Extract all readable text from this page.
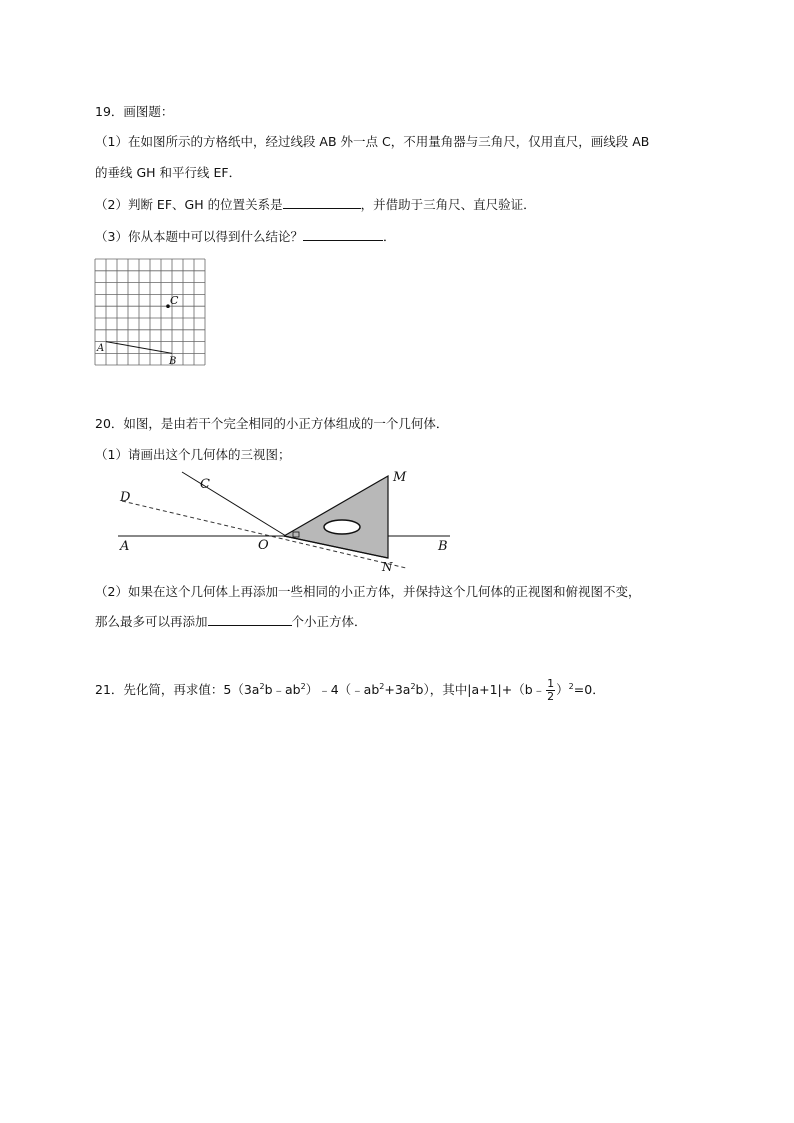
19．画图题：
（1）在如图所示的方格纸中，经过线段 AB 外一点 C，不用量角器与三角尺，仅用直尺，画线段 AB
的垂线 GH 和平行线 EF．
（2）判断 EF、GH 的位置关系是	，并借助于三角尺、直尺验证．
（3）你从本题中可以得到什么结论？	．
C
A
B
20．如图，是由若干个完全相同的小正方体组成的一个几何体．
（1）请画出这个几何体的三视图；
D
C	M
A	O	B
N
（2）如果在这个几何体上再添加一些相同的小正方体，并保持这个几何体的正视图和俯视图不变，
那么最多可以再添加	个小正方体．
21．先化简，再求值：$5(3a^2b﹣ab^2)﹣4(﹣ab^2+3a^2b)$，其中|a+1|+（b﹣ $\frac{1}{2} )^2=0$．
